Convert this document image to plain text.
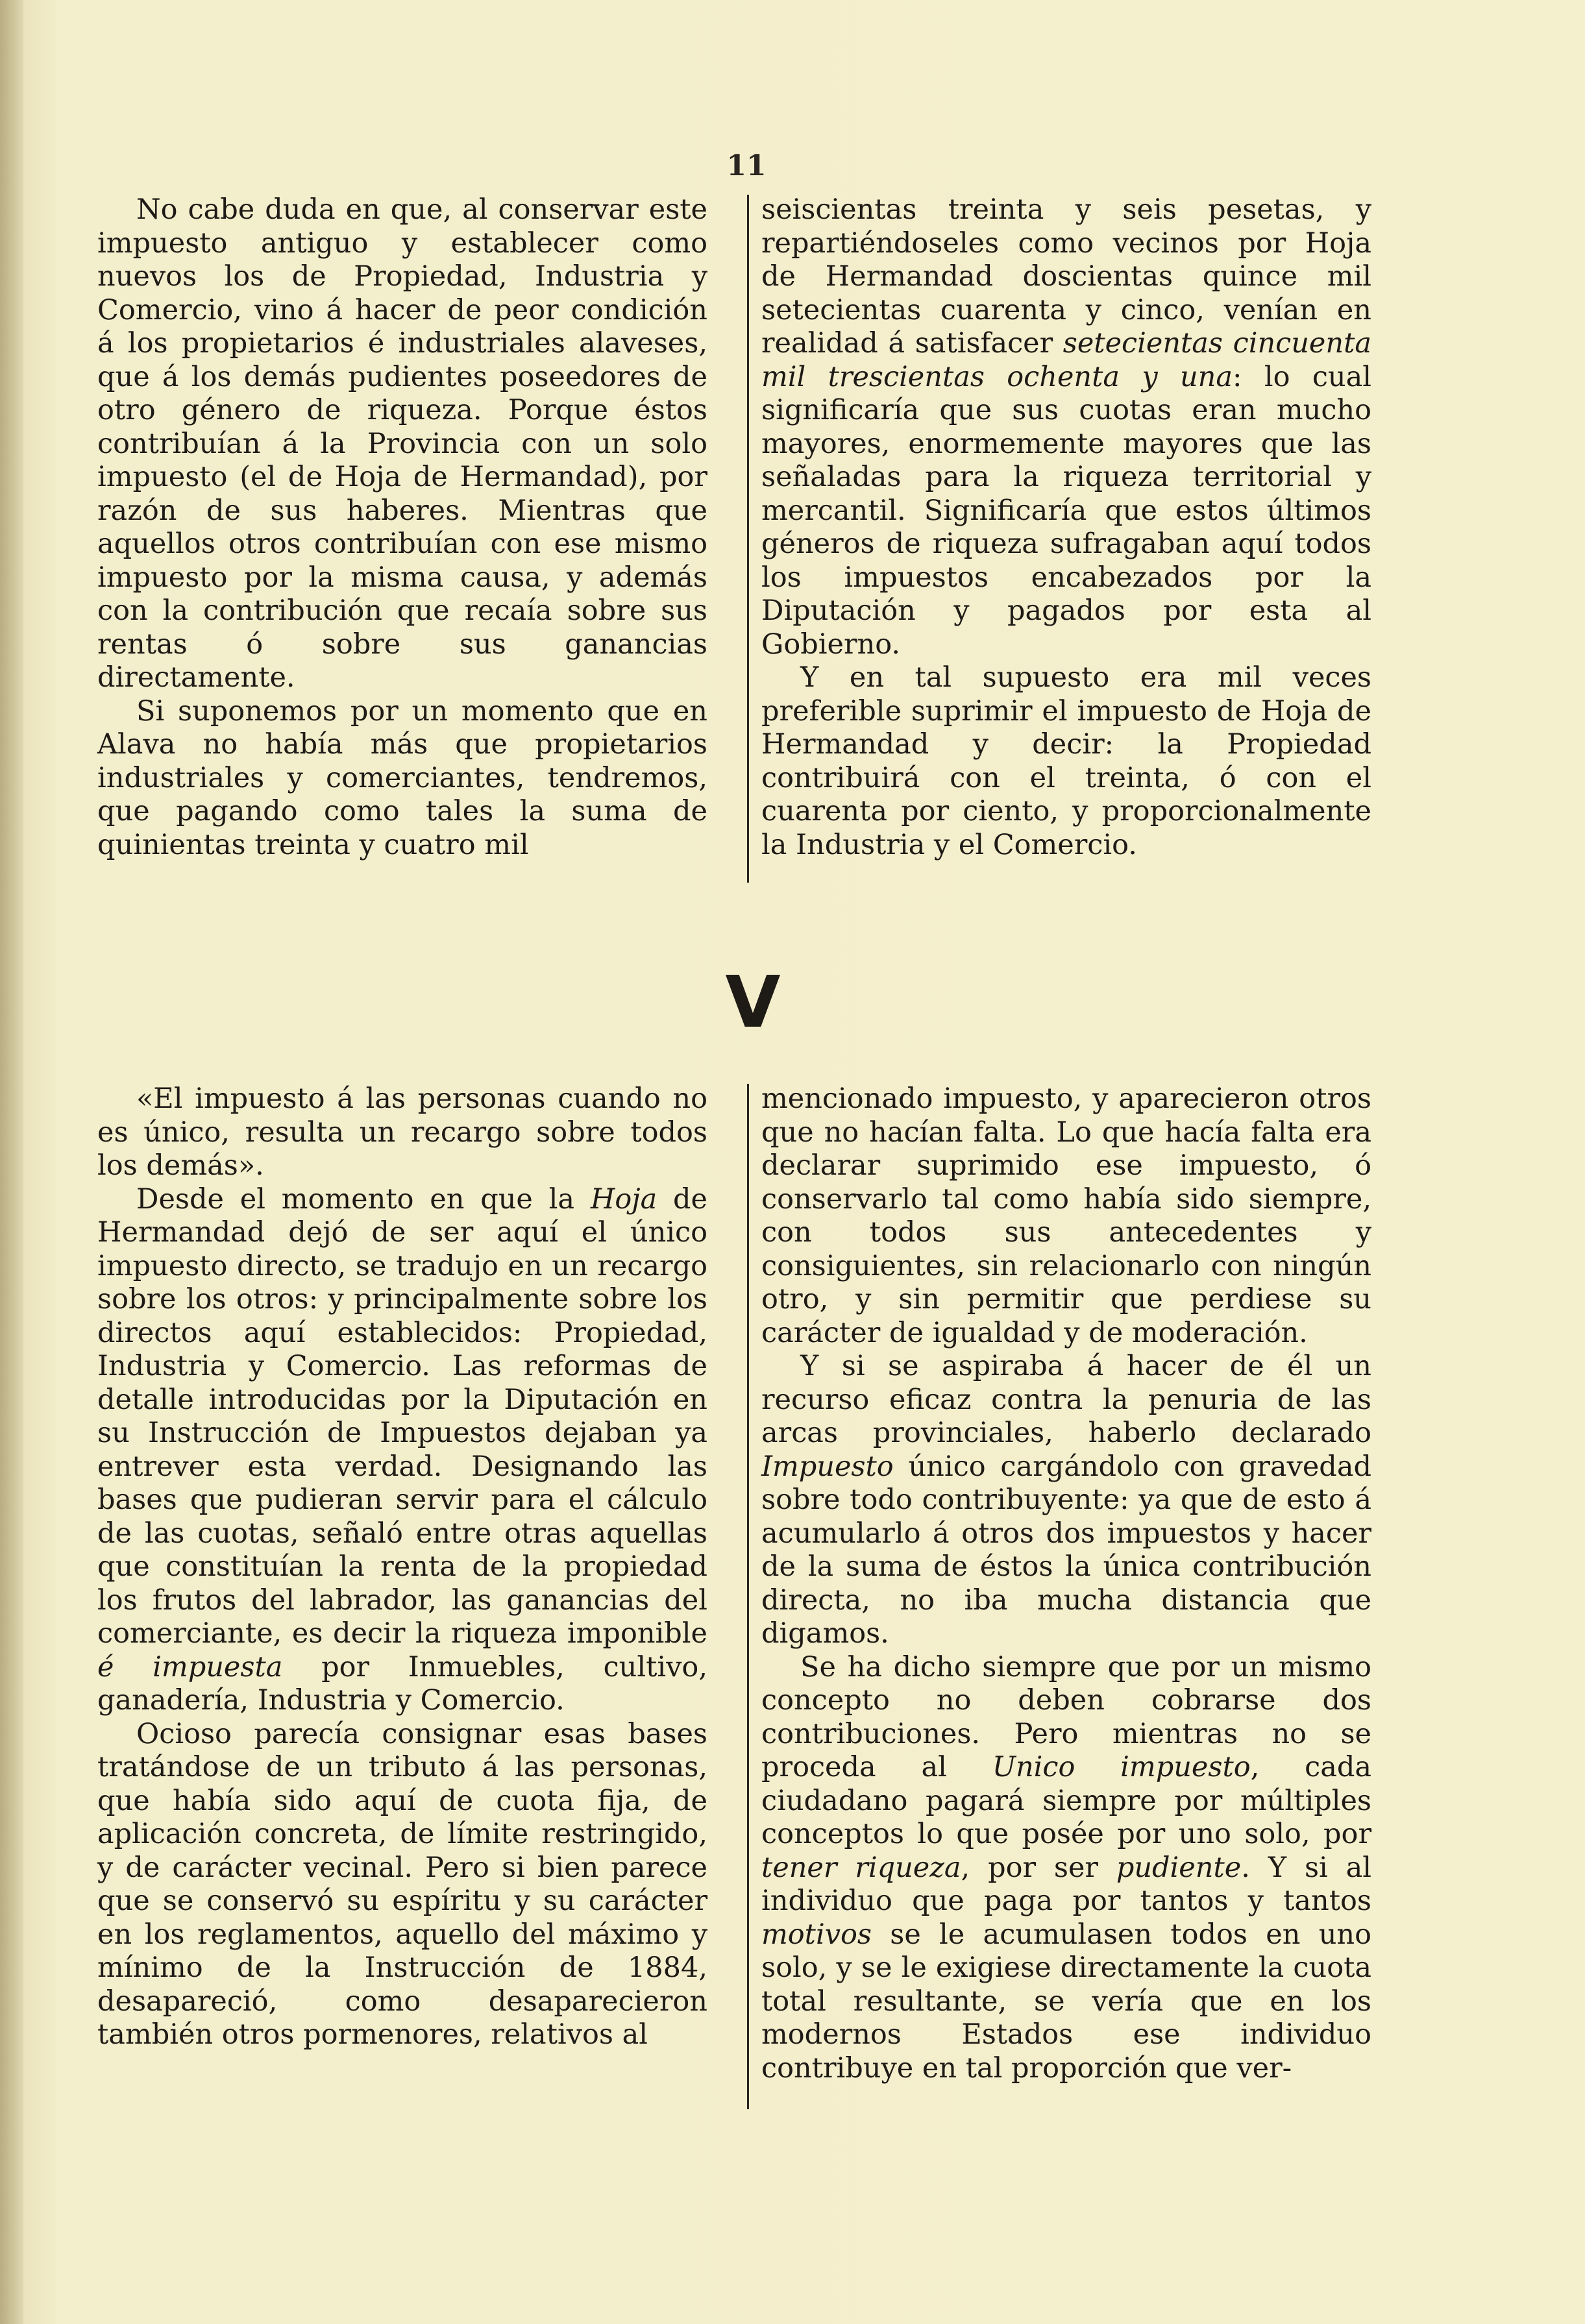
11

No cabe duda en que, al conservar este impuesto antiguo y establecer como nuevos los de Propiedad, Industria y Comercio, vino á hacer de peor condición á los propietarios é industriales alaveses, que á los demás pudientes poseedores de otro género de riqueza. Porque éstos contribuían á la Provincia con un solo impuesto (el de Hoja de Hermandad), por razón de sus haberes. Mientras que aquellos otros contribuían con ese mismo impuesto por la misma causa, y además con la contribución que recaía sobre sus rentas ó sobre sus ganancias directamente.

Si suponemos por un momento que en Alava no había más que propietarios industriales y comerciantes, tendremos, que pagando como tales la suma de quinientas treinta y cuatro mil

seiscientas treinta y seis pesetas, y repartiéndoseles como vecinos por Hoja de Hermandad doscientas quince mil setecientas cuarenta y cinco, venían en realidad á satisfacer setecientas cincuenta mil trescientas ochenta y una: lo cual significaría que sus cuotas eran mucho mayores, enormemente mayores que las señaladas para la riqueza territorial y mercantil. Significaría que estos últimos géneros de riqueza sufragaban aquí todos los impuestos encabezados por la Diputación y pagados por esta al Gobierno.

Y en tal supuesto era mil veces preferible suprimir el impuesto de Hoja de Hermandad y decir: la Propiedad contribuirá con el treinta, ó con el cuarenta por ciento, y proporcionalmente la Industria y el Comercio.

V

«El impuesto á las personas cuando no es único, resulta un recargo sobre todos los demás».

Desde el momento en que la Hoja de Hermandad dejó de ser aquí el único impuesto directo, se tradujo en un recargo sobre los otros: y principalmente sobre los directos aquí establecidos: Propiedad, Industria y Comercio. Las reformas de detalle introducidas por la Diputación en su Instrucción de Impuestos dejaban ya entrever esta verdad. Designando las bases que pudieran servir para el cálculo de las cuotas, señaló entre otras aquellas que constituían la renta de la propiedad los frutos del labrador, las ganancias del comerciante, es decir la riqueza imponible é impuesta por Inmuebles, cultivo, ganadería, Industria y Comercio.

Ocioso parecía consignar esas bases tratándose de un tributo á las personas, que había sido aquí de cuota fija, de aplicación concreta, de límite restringido, y de carácter vecinal. Pero si bien parece que se conservó su espíritu y su carácter en los reglamentos, aquello del máximo y mínimo de la Instrucción de 1884, desapareció, como desaparecieron también otros pormenores, relativos al

mencionado impuesto, y aparecieron otros que no hacían falta. Lo que hacía falta era declarar suprimido ese impuesto, ó conservarlo tal como había sido siempre, con todos sus antecedentes y consiguientes, sin relacionarlo con ningún otro, y sin permitir que perdiese su carácter de igualdad y de moderación.

Y si se aspiraba á hacer de él un recurso eficaz contra la penuria de las arcas provinciales, haberlo declarado Impuesto único cargándolo con gravedad sobre todo contribuyente: ya que de esto á acumularlo á otros dos impuestos y hacer de la suma de éstos la única contribución directa, no iba mucha distancia que digamos.

Se ha dicho siempre que por un mismo concepto no deben cobrarse dos contribuciones. Pero mientras no se proceda al Unico impuesto, cada ciudadano pagará siempre por múltiples conceptos lo que posée por uno solo, por tener riqueza, por ser pudiente. Y si al individuo que paga por tantos y tantos motivos se le acumulasen todos en uno solo, y se le exigiese directamente la cuota total resultante, se vería que en los modernos Estados ese individuo contribuye en tal proporción que ver-
